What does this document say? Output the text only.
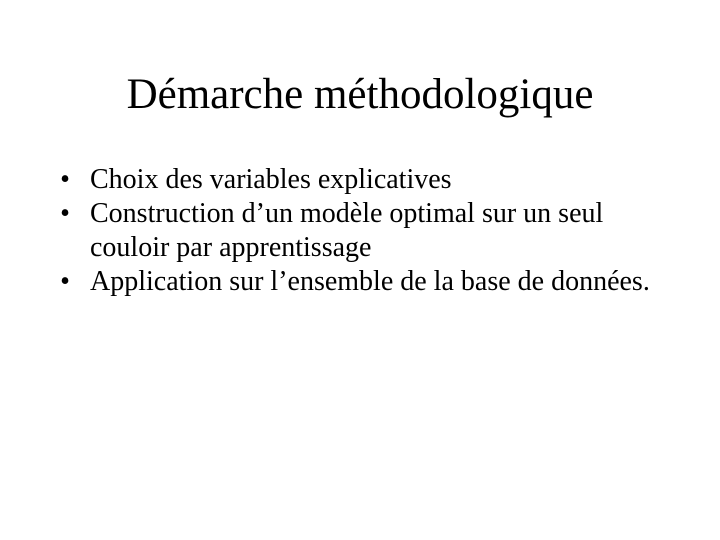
Démarche méthodologique
• Choix des variables explicatives
• Construction d’un modèle optimal sur un seul couloir par apprentissage
• Application sur l’ensemble de la base de données.
